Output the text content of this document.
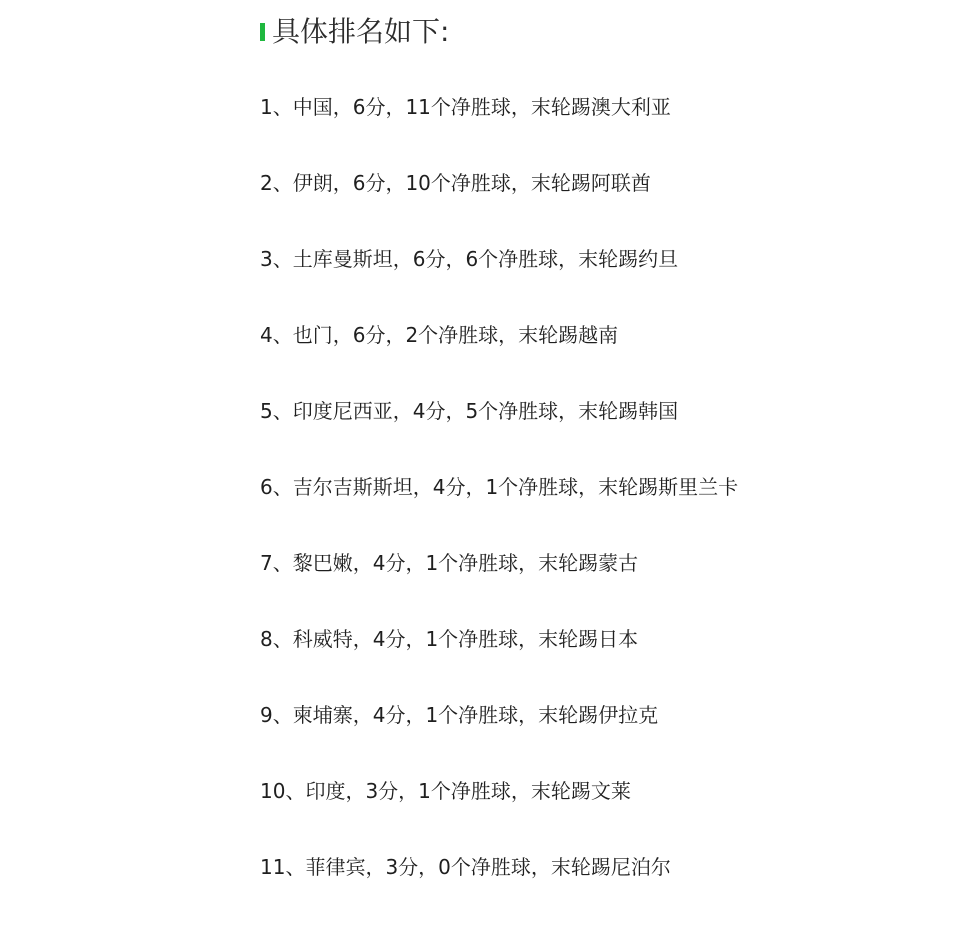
具体排名如下:
1、中国，6分，11个净胜球，末轮踢澳大利亚
2、伊朗，6分，10个净胜球，末轮踢阿联酋
3、土库曼斯坦，6分，6个净胜球，末轮踢约旦
4、也门，6分，2个净胜球，末轮踢越南
5、印度尼西亚，4分，5个净胜球，末轮踢韩国
6、吉尔吉斯斯坦，4分，1个净胜球，末轮踢斯里兰卡
7、黎巴嫩，4分，1个净胜球，末轮踢蒙古
8、科威特，4分，1个净胜球，末轮踢日本
9、柬埔寨，4分，1个净胜球，末轮踢伊拉克
10、印度，3分，1个净胜球，末轮踢文莱
11、菲律宾，3分，0个净胜球，末轮踢尼泊尔
